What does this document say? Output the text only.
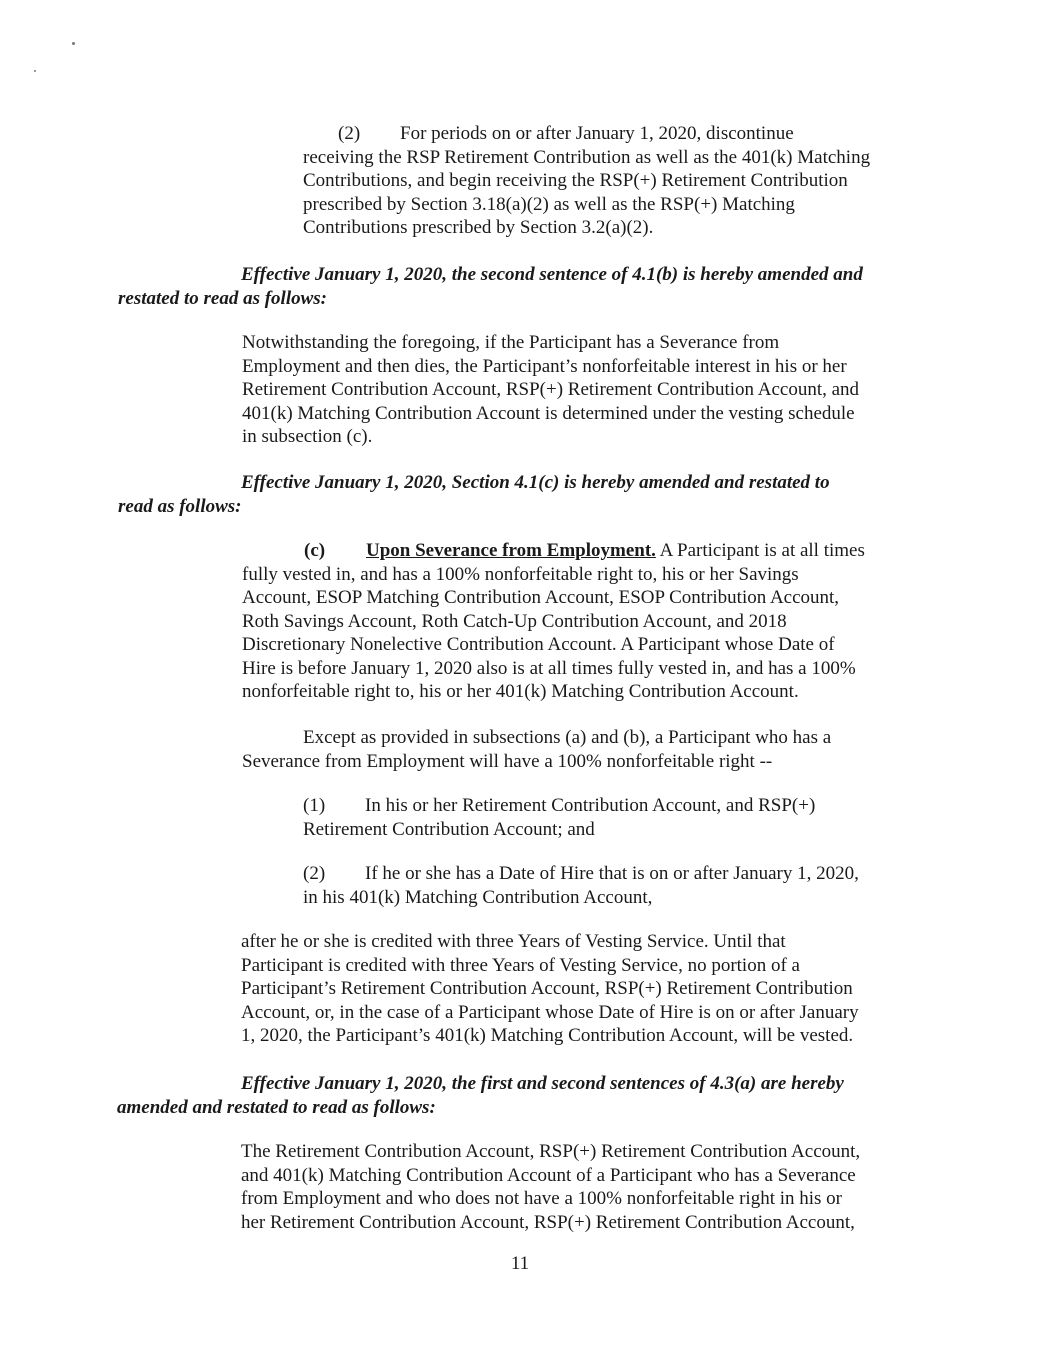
(2) For periods on or after January 1, 2020, discontinue
receiving the RSP Retirement Contribution as well as the 401(k) Matching
Contributions, and begin receiving the RSP(+) Retirement Contribution
prescribed by Section 3.18(a)(2) as well as the RSP(+) Matching
Contributions prescribed by Section 3.2(a)(2).
Effective January 1, 2020, the second sentence of 4.1(b) is hereby amended and
restated to read as follows:
Notwithstanding the foregoing, if the Participant has a Severance from
Employment and then dies, the Participant’s nonforfeitable interest in his or her
Retirement Contribution Account, RSP(+) Retirement Contribution Account, and
401(k) Matching Contribution Account is determined under the vesting schedule
in subsection (c).
Effective January 1, 2020, Section 4.1(c) is hereby amended and restated to
read as follows:
(c) Upon Severance from Employment. A Participant is at all times
fully vested in, and has a 100% nonforfeitable right to, his or her Savings
Account, ESOP Matching Contribution Account, ESOP Contribution Account,
Roth Savings Account, Roth Catch-Up Contribution Account, and 2018
Discretionary Nonelective Contribution Account. A Participant whose Date of
Hire is before January 1, 2020 also is at all times fully vested in, and has a 100%
nonforfeitable right to, his or her 401(k) Matching Contribution Account.
Except as provided in subsections (a) and (b), a Participant who has a
Severance from Employment will have a 100% nonforfeitable right --
(1) In his or her Retirement Contribution Account, and RSP(+)
Retirement Contribution Account; and
(2) If he or she has a Date of Hire that is on or after January 1, 2020,
in his 401(k) Matching Contribution Account,
after he or she is credited with three Years of Vesting Service. Until that
Participant is credited with three Years of Vesting Service, no portion of a
Participant’s Retirement Contribution Account, RSP(+) Retirement Contribution
Account, or, in the case of a Participant whose Date of Hire is on or after January
1, 2020, the Participant’s 401(k) Matching Contribution Account, will be vested.
Effective January 1, 2020, the first and second sentences of 4.3(a) are hereby
amended and restated to read as follows:
The Retirement Contribution Account, RSP(+) Retirement Contribution Account,
and 401(k) Matching Contribution Account of a Participant who has a Severance
from Employment and who does not have a 100% nonforfeitable right in his or
her Retirement Contribution Account, RSP(+) Retirement Contribution Account,
11
